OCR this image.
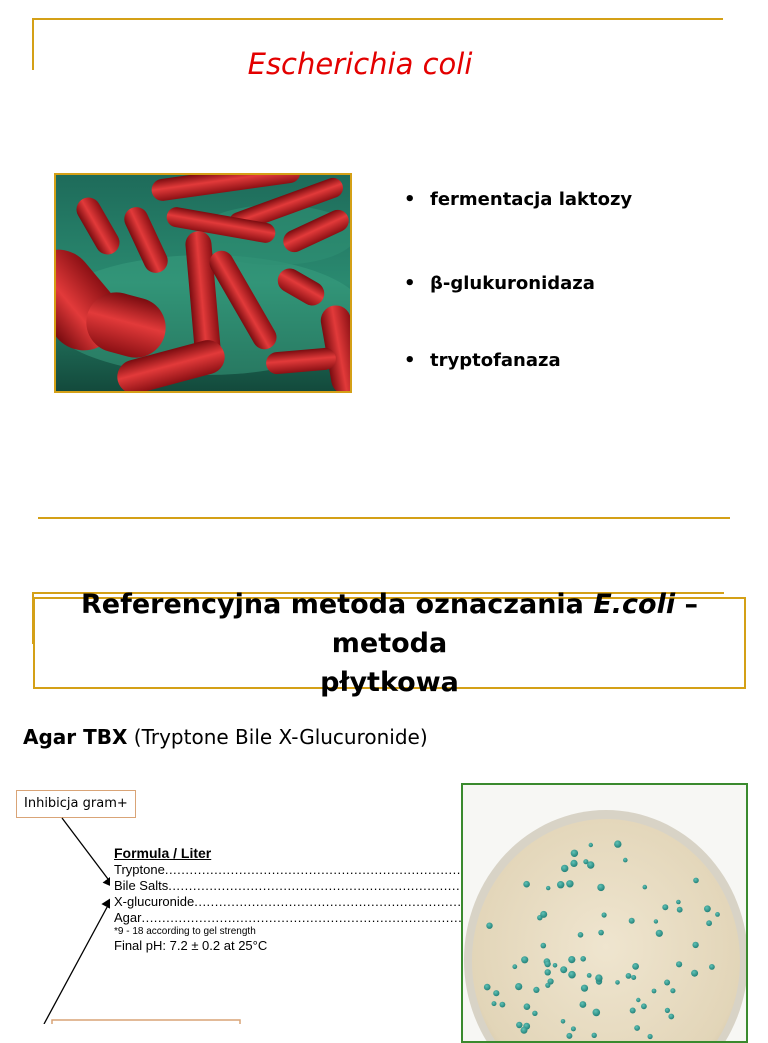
Escherichia coli
• fermentacja laktozy
• β-glukuronidaza
• tryptofanaza
Referencyjna metoda oznaczania E.coli – metoda
płytkowa
Agar TBX (Tryptone Bile X-Glucuronide)
Inhibicja gram+
Formula / Liter
Tryptone
.....
Bile Salts
.....
X-glucuronide
.....
Agar
.....
*9 - 18 according to gel strength
Final pH: 7.2 ± 0.2 at 25°C
